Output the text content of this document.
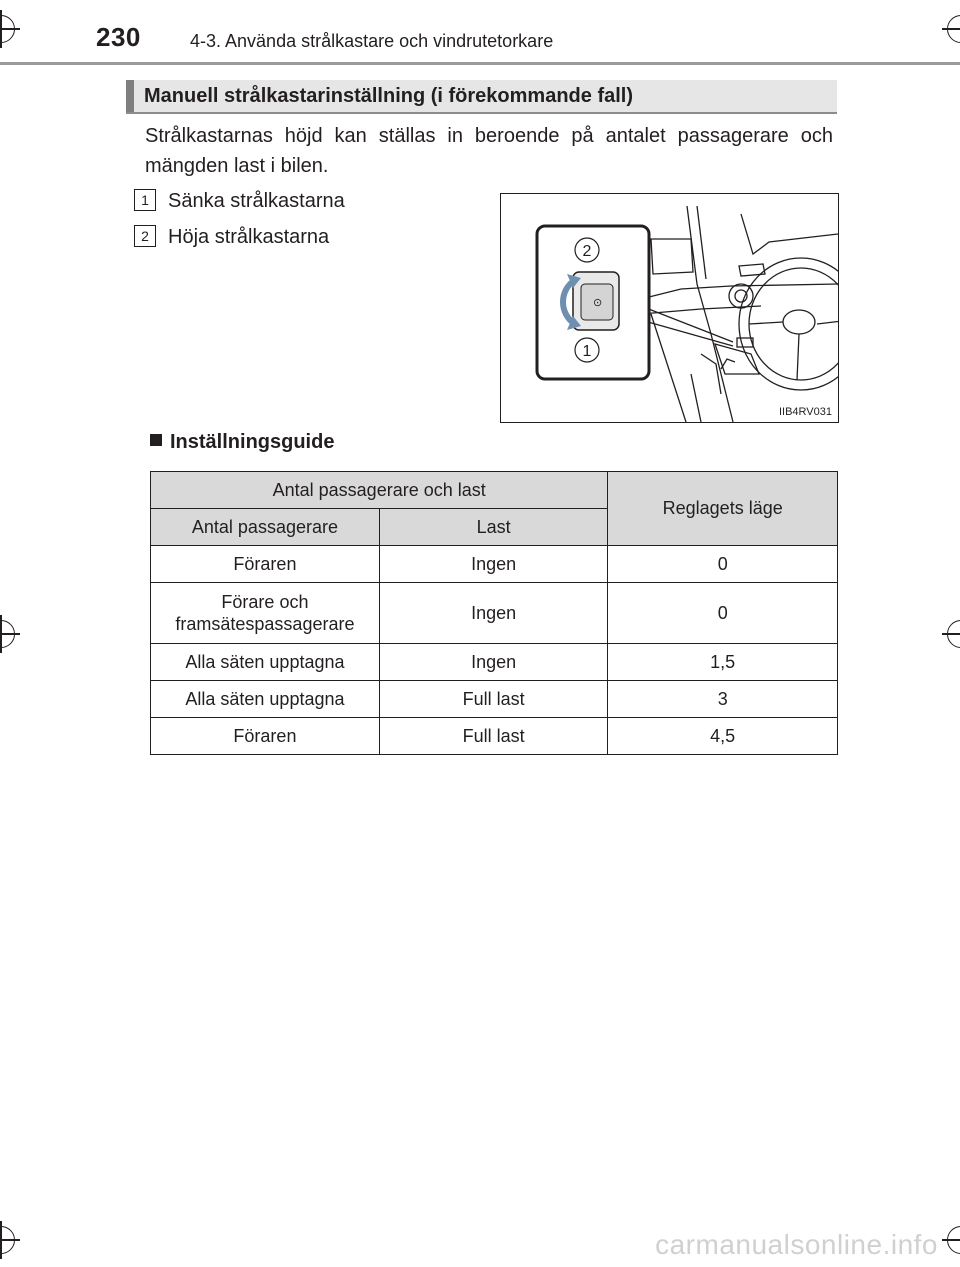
230	4-3. Använda strålkastare och vindrutetorkare
Manuell strålkastarinställning (i förekommande fall)
Strålkastarnas höjd kan ställas in beroende på antalet passagerare och mängden last i bilen.
1 Sänka strålkastarna
2 Höja strålkastarna
⊙
2
1
IIB4RV031
Inställningsguide
Antal passagerare och last		Reglagets läge
Antal passagerare	Last	
Föraren	Ingen	0
Förare och framsätespassagerare	Ingen	0
Alla säten upptagna	Ingen	1,5
Alla säten upptagna	Full last	3
Föraren	Full last	4,5
carmanualsonline.info
